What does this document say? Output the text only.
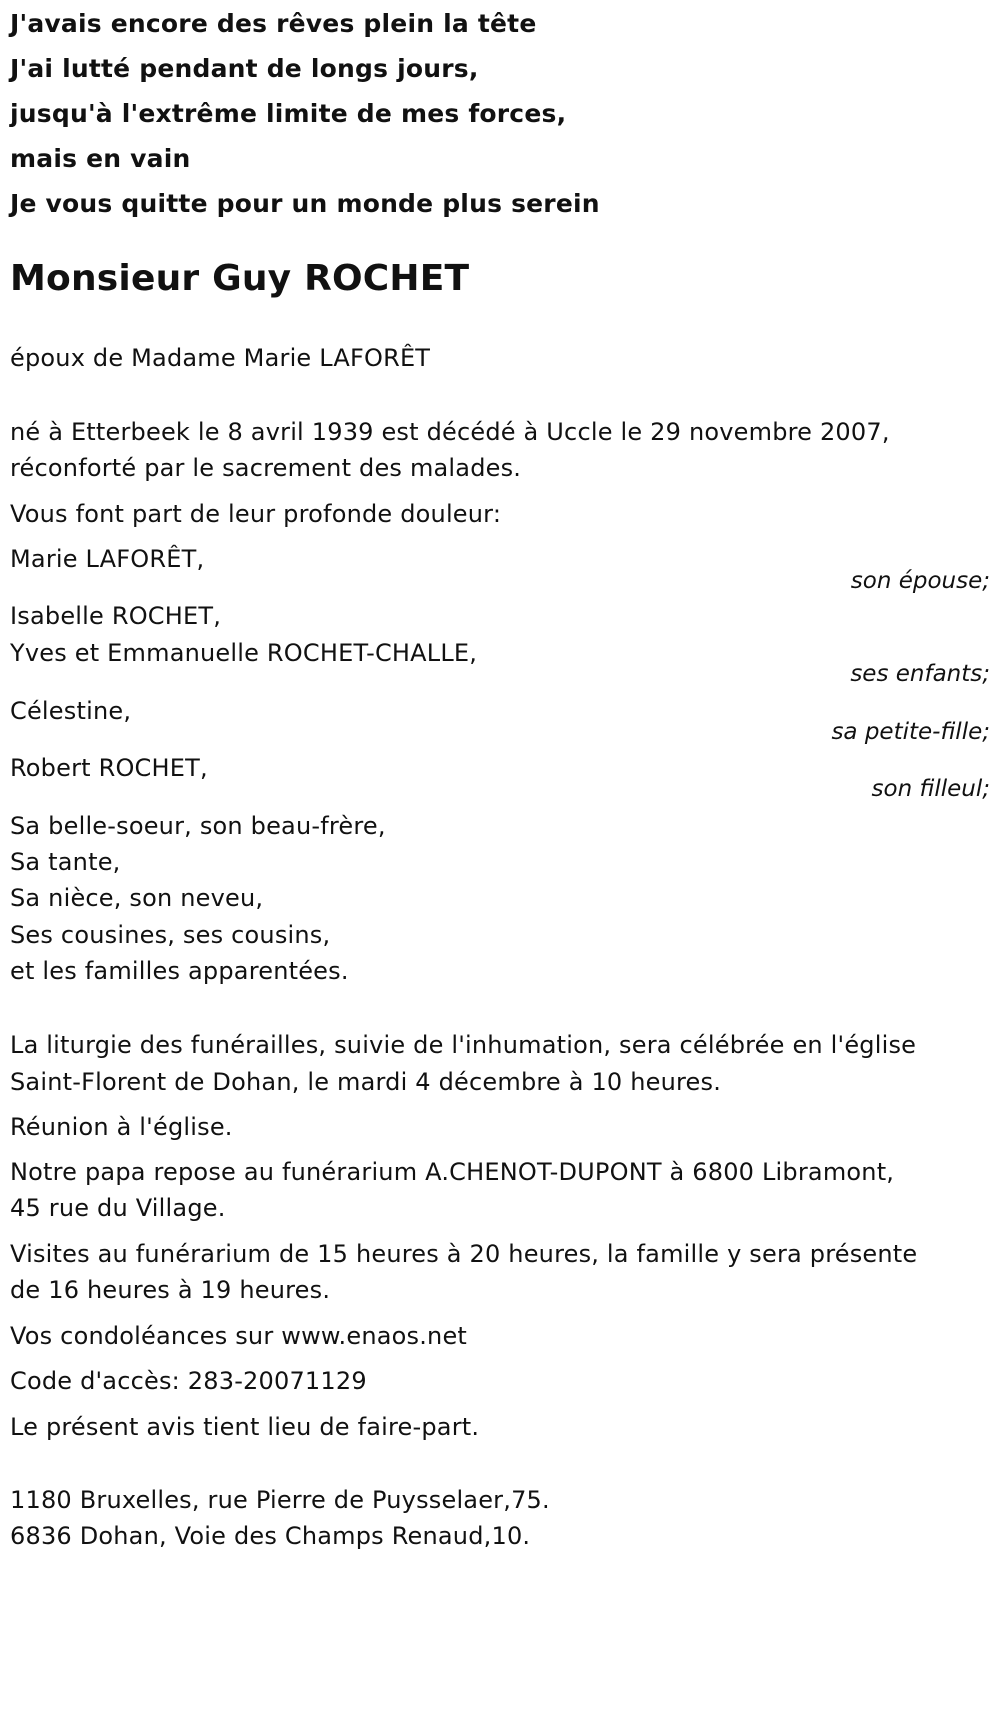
J'avais encore des rêves plein la tête
J'ai lutté pendant de longs jours,
jusqu'à l'extrême limite de mes forces,
mais en vain
Je vous quitte pour un monde plus serein
Monsieur Guy ROCHET
époux de Madame Marie LAFORÊT
né à Etterbeek le 8 avril 1939 est décédé à Uccle le 29 novembre 2007,
réconforté par le sacrement des malades.
Vous font part de leur profonde douleur:
Marie LAFORÊT,
son épouse;
Isabelle ROCHET,
Yves et Emmanuelle ROCHET-CHALLE,
ses enfants;
Célestine,
sa petite-fille;
Robert ROCHET,
son filleul;
Sa belle-soeur, son beau-frère,
Sa tante,
Sa nièce, son neveu,
Ses cousines, ses cousins,
et les familles apparentées.
La liturgie des funérailles, suivie de l'inhumation, sera célébrée en l'église
Saint-Florent de Dohan, le mardi 4 décembre à 10 heures.
Réunion à l'église.
Notre papa repose au funérarium A.CHENOT-DUPONT à 6800 Libramont,
45 rue du Village.
Visites au funérarium de 15 heures à 20 heures, la famille y sera présente
de 16 heures à 19 heures.
Vos condoléances sur www.enaos.net
Code d'accès: 283-20071129
Le présent avis tient lieu de faire-part.
1180 Bruxelles, rue Pierre de Puysselaer,75.
6836 Dohan, Voie des Champs Renaud,10.
